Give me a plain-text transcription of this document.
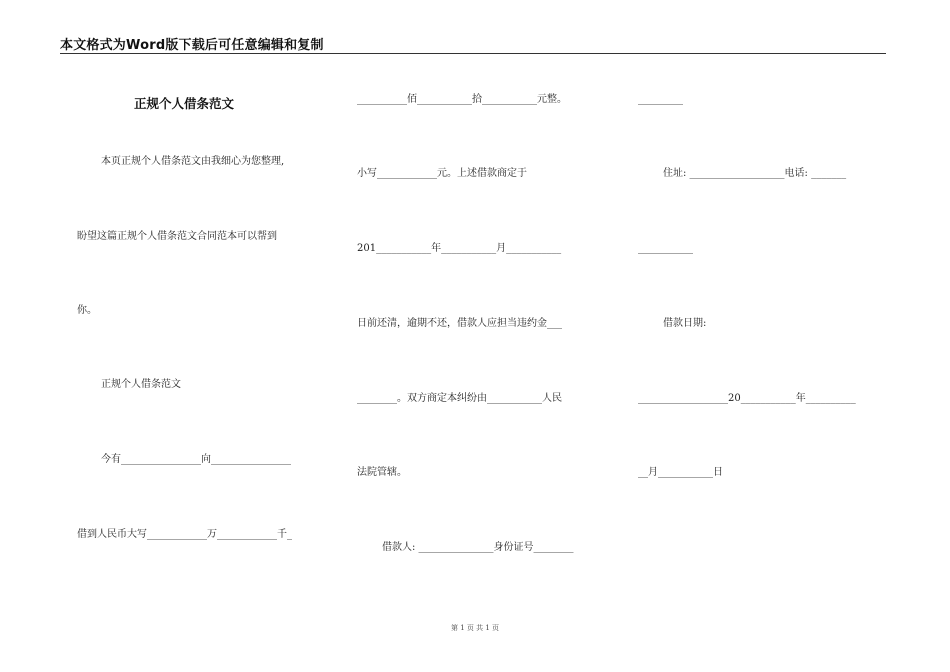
本文格式为Word版下载后可任意编辑和复制
正规个人借条范文
本页正规个人借条范文由我细心为您整理,
盼望这篇正规个人借条范文合同范本可以帮到
你。
正规个人借条范文
今有________________向________________
借到人民币大写____________万____________千_
__________佰___________拾___________元整。
小写____________元。上述借款商定于
201___________年___________月___________
日前还清，逾期不还，借款人应担当违约金___
________。双方商定本纠纷由___________人民
法院管辖。
借款人: _______________身份证号________
_________
住址: ___________________电话: _______
___________
借款日期:
__________________20___________年__________
__月___________日
第 1 页 共 1 页
